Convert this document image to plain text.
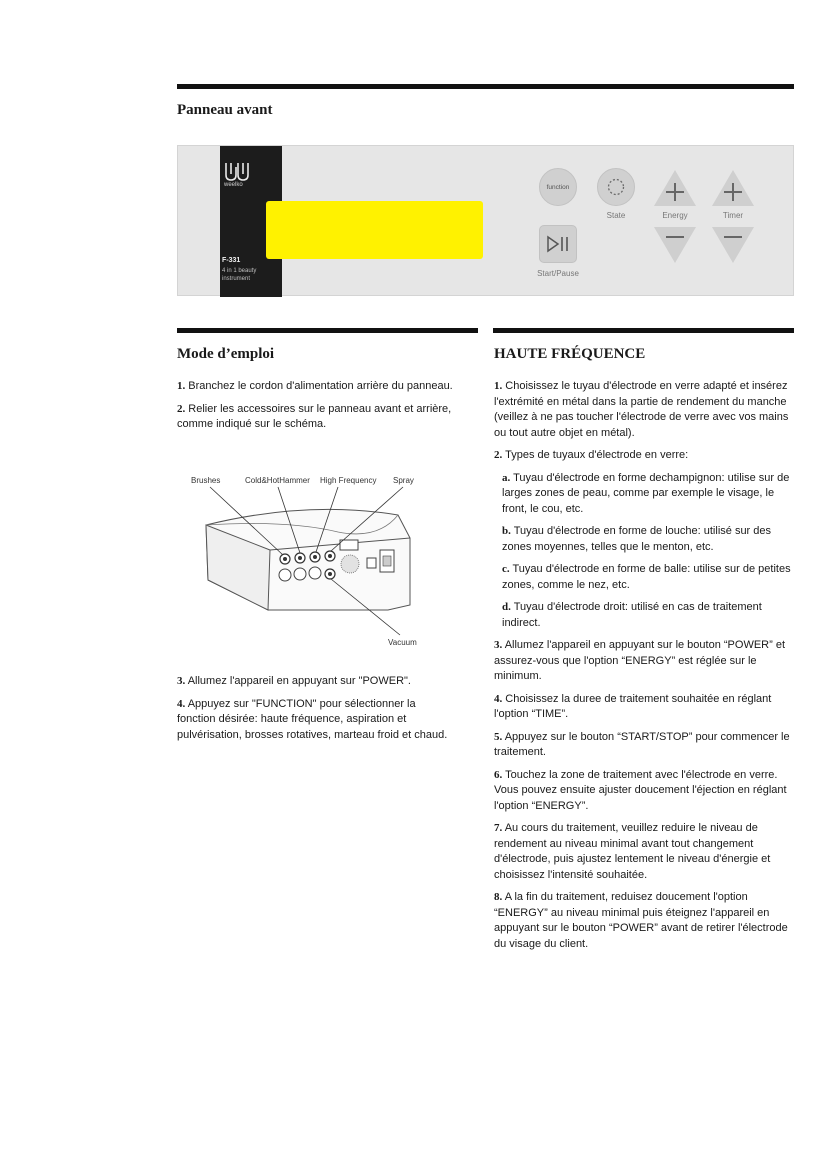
Panneau avant
weelko
F-331
4 in 1 beauty
instrument
function
State	Energy	Timer
Start/Pause
Mode d’emploi

1. Branchez le cordon d'alimentation arrière du panneau.

2. Relier les accessoires sur le panneau avant et arrière, comme indiqué sur le schéma.

Brushes	Cold&HotHammer High Frequency Spray
Vacuum

3. Allumez l'appareil en appuyant sur "POWER".

4. Appuyez sur "FUNCTION" pour sélectionner la fonction désirée: haute fréquence, aspiration et pulvérisation, brosses rotatives, marteau froid et chaud.

HAUTE FRÉQUENCE

1. Choisissez le tuyau d'électrode en verre adapté et insérez l'extrémité en métal dans la partie de rendement du manche (veillez à ne pas toucher l'électrode de verre avec vos mains ou tout autre objet en métal).

2. Types de tuyaux d'électrode en verre:

a. Tuyau d'électrode en forme dechampignon: utilise sur de larges zones de peau, comme par exemple le visage, le front, le cou, etc.

b. Tuyau d'électrode en forme de louche: utilisé sur des zones moyennes, telles que le menton, etc.

c. Tuyau d'électrode en forme de balle: utilise sur de petites zones, comme le nez, etc.

d. Tuyau d'électrode droit: utilisé en cas de traitement indirect.

3. Allumez l'appareil en appuyant sur le bouton “POWER” et assurez-vous que l'option “ENERGY” est réglée sur le minimum.

4. Choisissez la duree de traitement souhaitée en réglant l'option “TIME”.

5. Appuyez sur le bouton “START/STOP” pour commencer le traitement.

6. Touchez la zone de traitement avec l'électrode en verre. Vous pouvez ensuite ajuster doucement l'éjection en réglant l'option “ENERGY”.

7. Au cours du traitement, veuillez reduire le niveau de rendement au niveau minimal avant tout changement d'électrode, puis ajustez lentement le niveau d'énergie et choisissez l'intensité souhaitée.

8. A la fin du traitement, reduisez doucement l'option “ENERGY” au niveau minimal puis éteignez l'appareil en appuyant sur le bouton “POWER” avant de retirer l'électrode du visage du client.
